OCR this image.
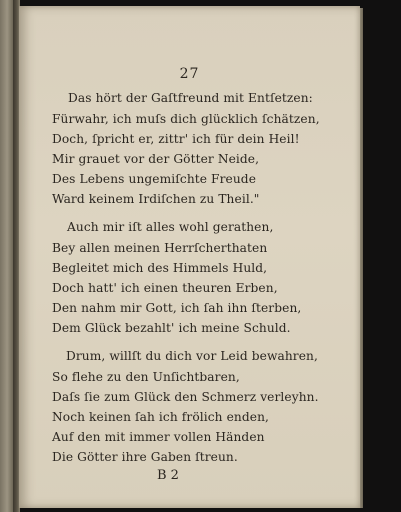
27
Das hört der Gaſtfreund mit Entſetzen:
Fürwahr, ich muſs dich glücklich ſchätzen,
Doch, ſpricht er, zittr' ich für dein Heil!
Mir grauet vor der Götter Neide,
Des Lebens ungemiſchte Freude
Ward keinem Irdiſchen zu Theil."
Auch mir iſt alles wohl gerathen,
Bey allen meinen Herrſcherthaten
Begleitet mich des Himmels Huld,
Doch hatt' ich einen theuren Erben,
Den nahm mir Gott, ich ſah ihn ſterben,
Dem Glück bezahlt' ich meine Schuld.
Drum, willſt du dich vor Leid bewahren,
So flehe zu den Unſichtbaren,
Daſs ſie zum Glück den Schmerz verleyhn.
Noch keinen ſah ich frölich enden,
Auf den mit immer vollen Händen
Die Götter ihre Gaben ſtreun.
B 2
